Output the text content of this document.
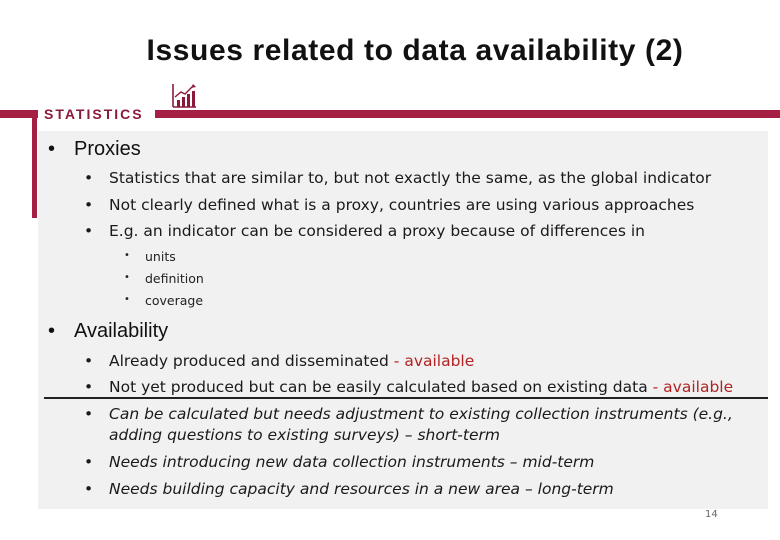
Issues related to data availability (2)
STATISTICS
• Proxies
• Statistics that are similar to, but not exactly the same, as the global indicator
• Not clearly defined what is a proxy, countries are using various approaches
• E.g. an indicator can be considered a proxy because of differences in
• units
• definition
• coverage
• Availability
• Already produced and disseminated - available
• Not yet produced but can be easily calculated based on existing data - available
• Can be calculated but needs adjustment to existing collection instruments (e.g.,
adding questions to existing surveys) – short-term
• Needs introducing new data collection instruments – mid-term
• Needs building capacity and resources in a new area – long-term
14
